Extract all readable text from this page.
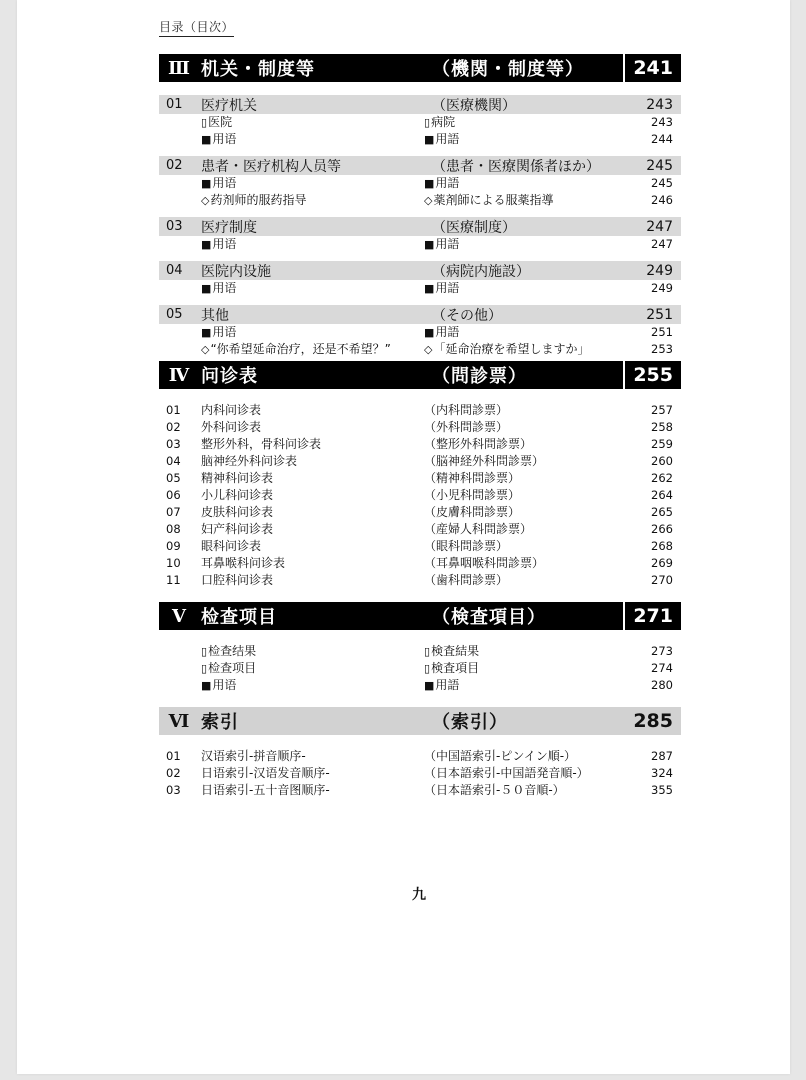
目录（目次）
Ⅲ 机关・制度等	（機関・制度等）	241
01 医疗机关	（医療機関）	243
▯医院	▯病院	243
■用语	■用語	244
02 患者・医疗机构人员等	（患者・医療関係者ほか）	245
■用语	■用語	245
◇药剂师的服药指导	◇薬剤師による服薬指導	246
03 医疗制度	（医療制度）	247
■用语	■用語	247
04 医院内设施	（病院内施設）	249
■用语	■用語	249
05 其他	（その他）	251
■用语	■用語	251
◇“你希望延命治疗，还是不希望？”	◇「延命治療を希望しますか」	253
Ⅳ 问诊表	（問診票）	255
01 内科问诊表	（内科問診票）	257
02 外科问诊表	（外科問診票）	258
03 整形外科，骨科问诊表	（整形外科問診票）	259
04 脑神经外科问诊表	（脳神経外科問診票）	260
05 精神科问诊表	（精神科問診票）	262
06 小儿科问诊表	（小児科問診票）	264
07 皮肤科问诊表	（皮膚科問診票）	265
08 妇产科问诊表	（産婦人科問診票）	266
09 眼科问诊表	（眼科問診票）	268
10 耳鼻喉科问诊表	（耳鼻咽喉科問診票）	269
11 口腔科问诊表	（歯科問診票）	270
Ⅴ 检查项目	（検査項目）	271
▯检查结果	▯検査結果	273
▯检查项目	▯検査項目	274
■用语	■用語	280
Ⅵ 索引	（索引）	285
01 汉语索引-拼音顺序-	（中国語索引-ピンイン順-）	287
02 日语索引-汉语发音顺序-	（日本語索引-中国語発音順-）	324
03 日语索引-五十音图顺序-	（日本語索引-５０音順-）	355
九
